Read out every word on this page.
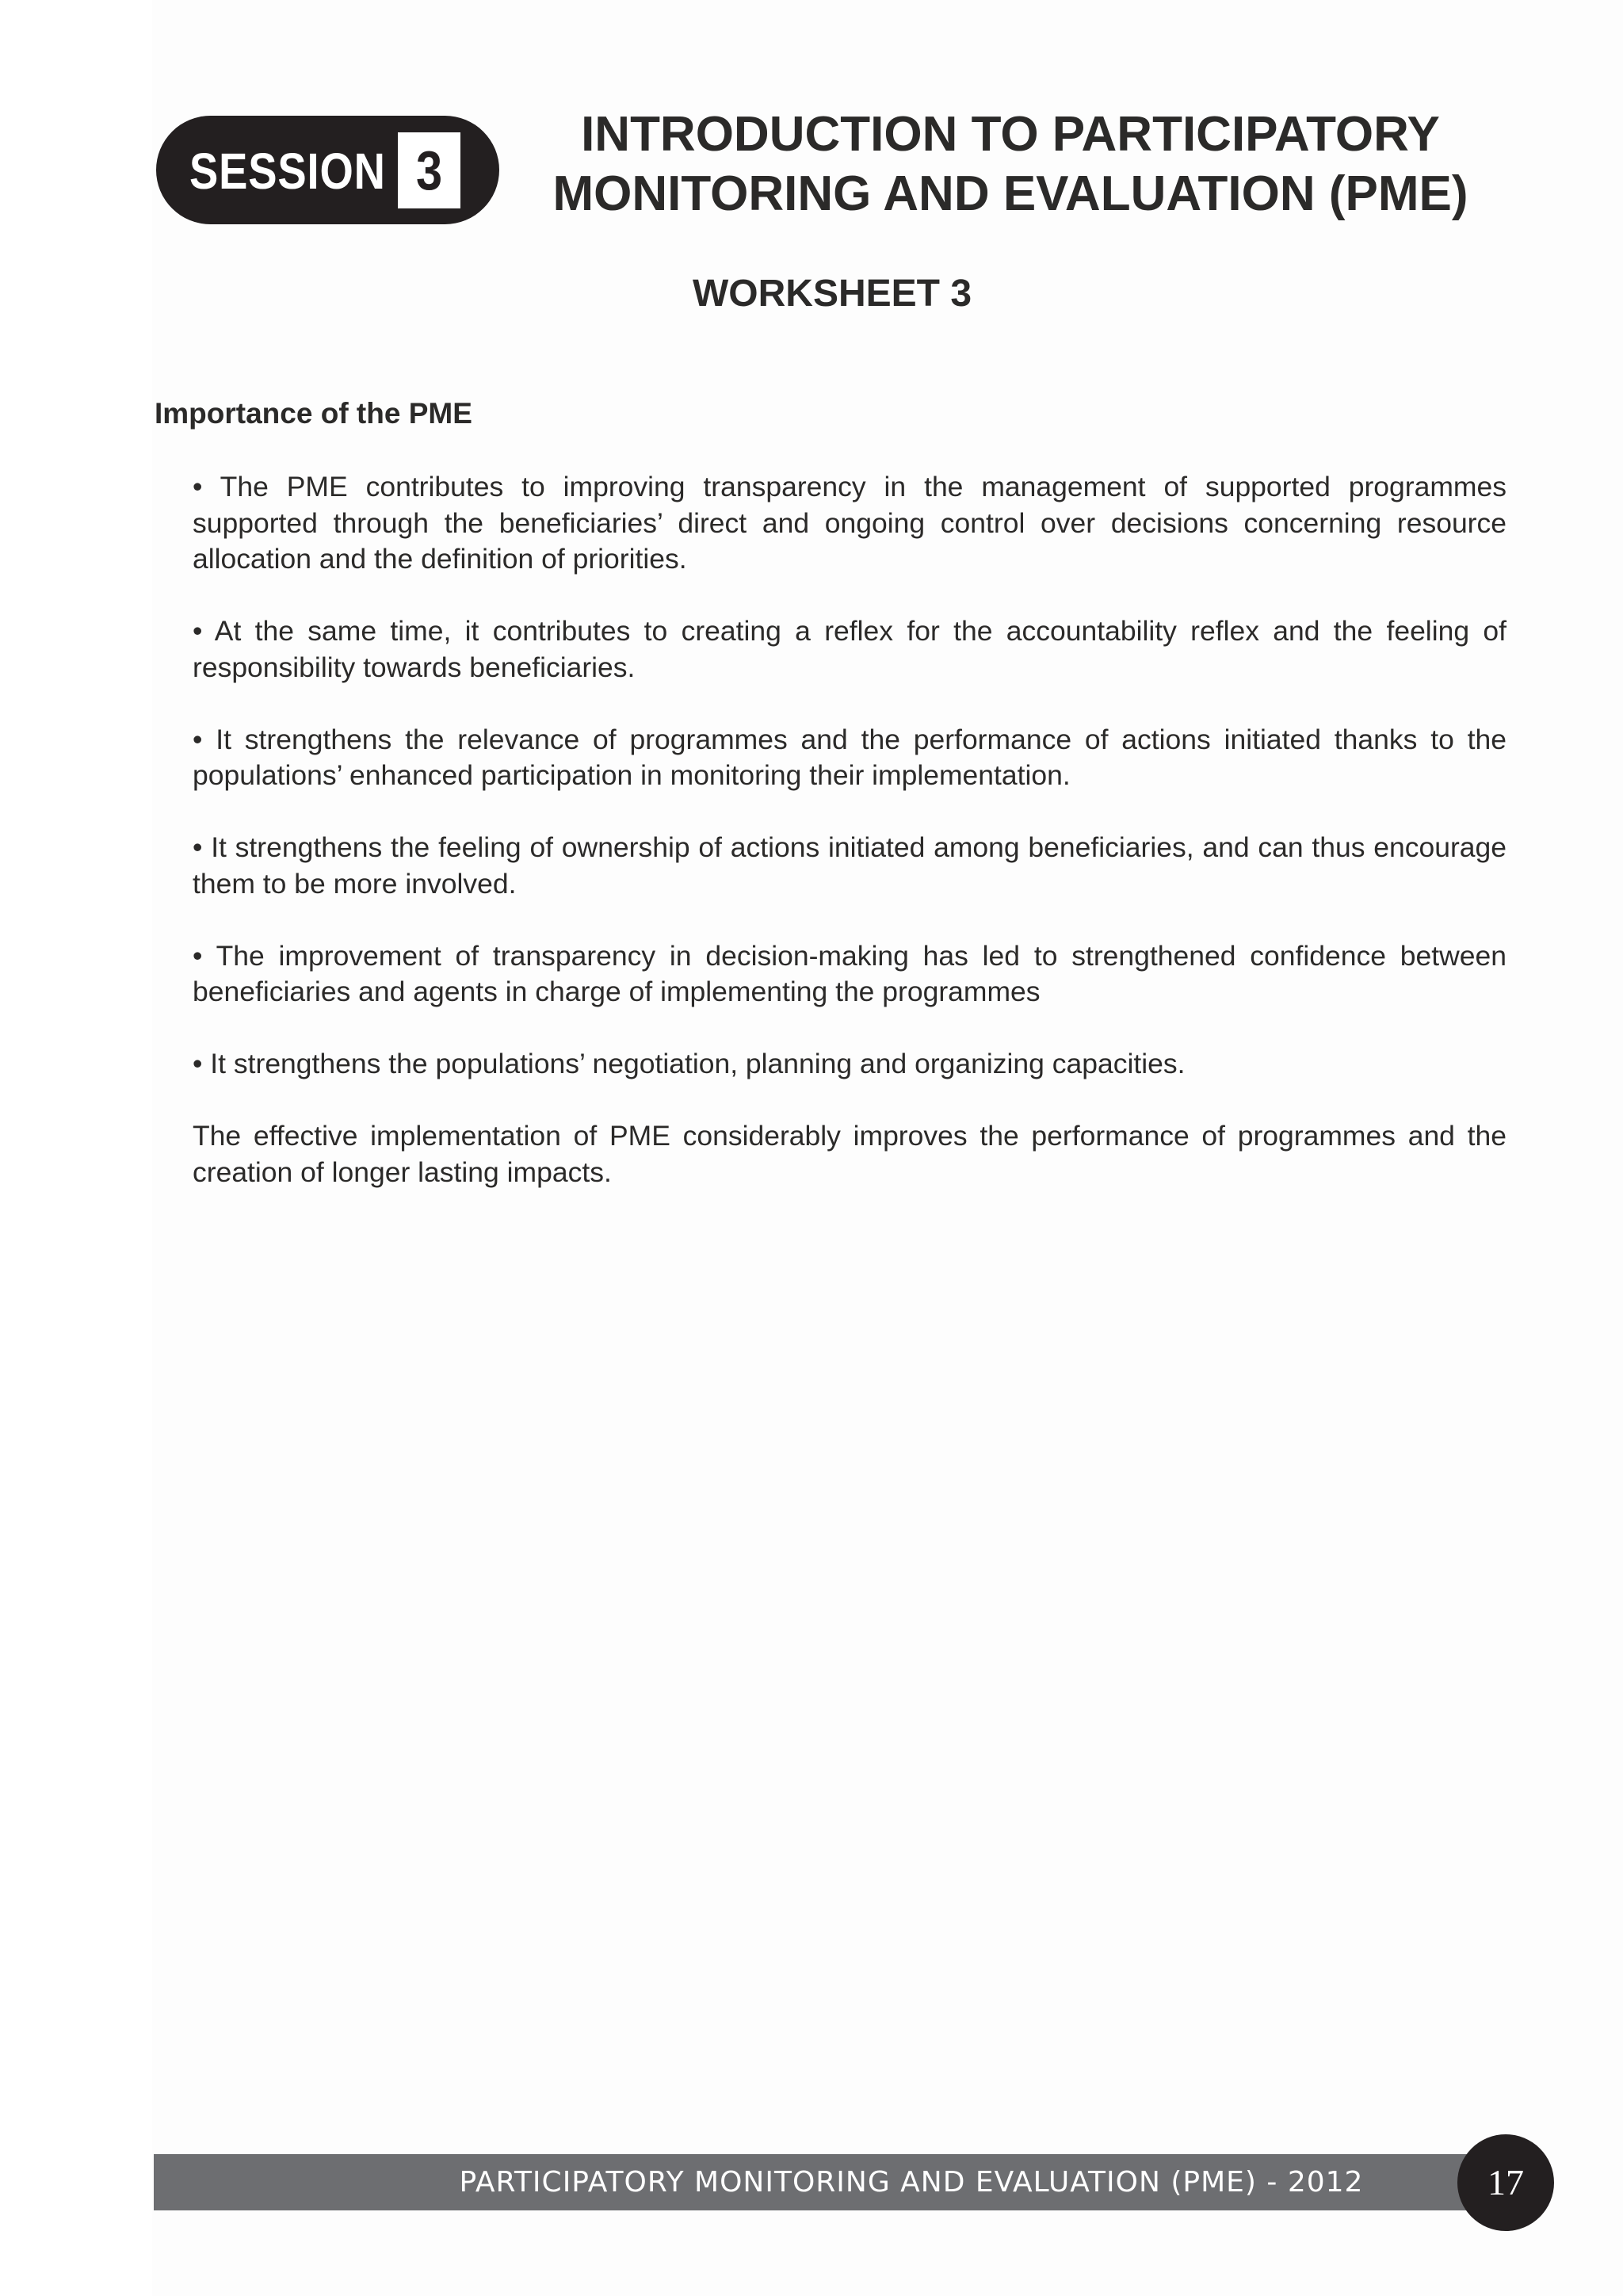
SESSION 3
INTRODUCTION TO PARTICIPATORY
MONITORING AND EVALUATION (PME)
WORKSHEET 3
Importance of the PME

• The PME contributes to improving transparency in the management of supported programmes supported through the beneficiaries’ direct and ongoing control over decisions concerning resource allocation and the definition of priorities.

• At the same time, it contributes to creating a reflex for the accountability reflex and the feeling of responsibility towards beneficiaries.

• It strengthens the relevance of programmes and the performance of actions initiated thanks to the populations’ enhanced participation in monitoring their implementation.

• It strengthens the feeling of ownership of actions initiated among beneficiaries, and can thus encourage them to be more involved.

• The improvement of transparency in decision-making has led to strengthened confidence between beneficiaries and agents in charge of implementing the programmes

• It strengthens the populations’ negotiation, planning and organizing capacities.

The effective implementation of PME considerably improves the performance of programmes and the creation of longer lasting impacts.

PARTICIPATORY MONITORING AND EVALUATION (PME) - 2012	17
